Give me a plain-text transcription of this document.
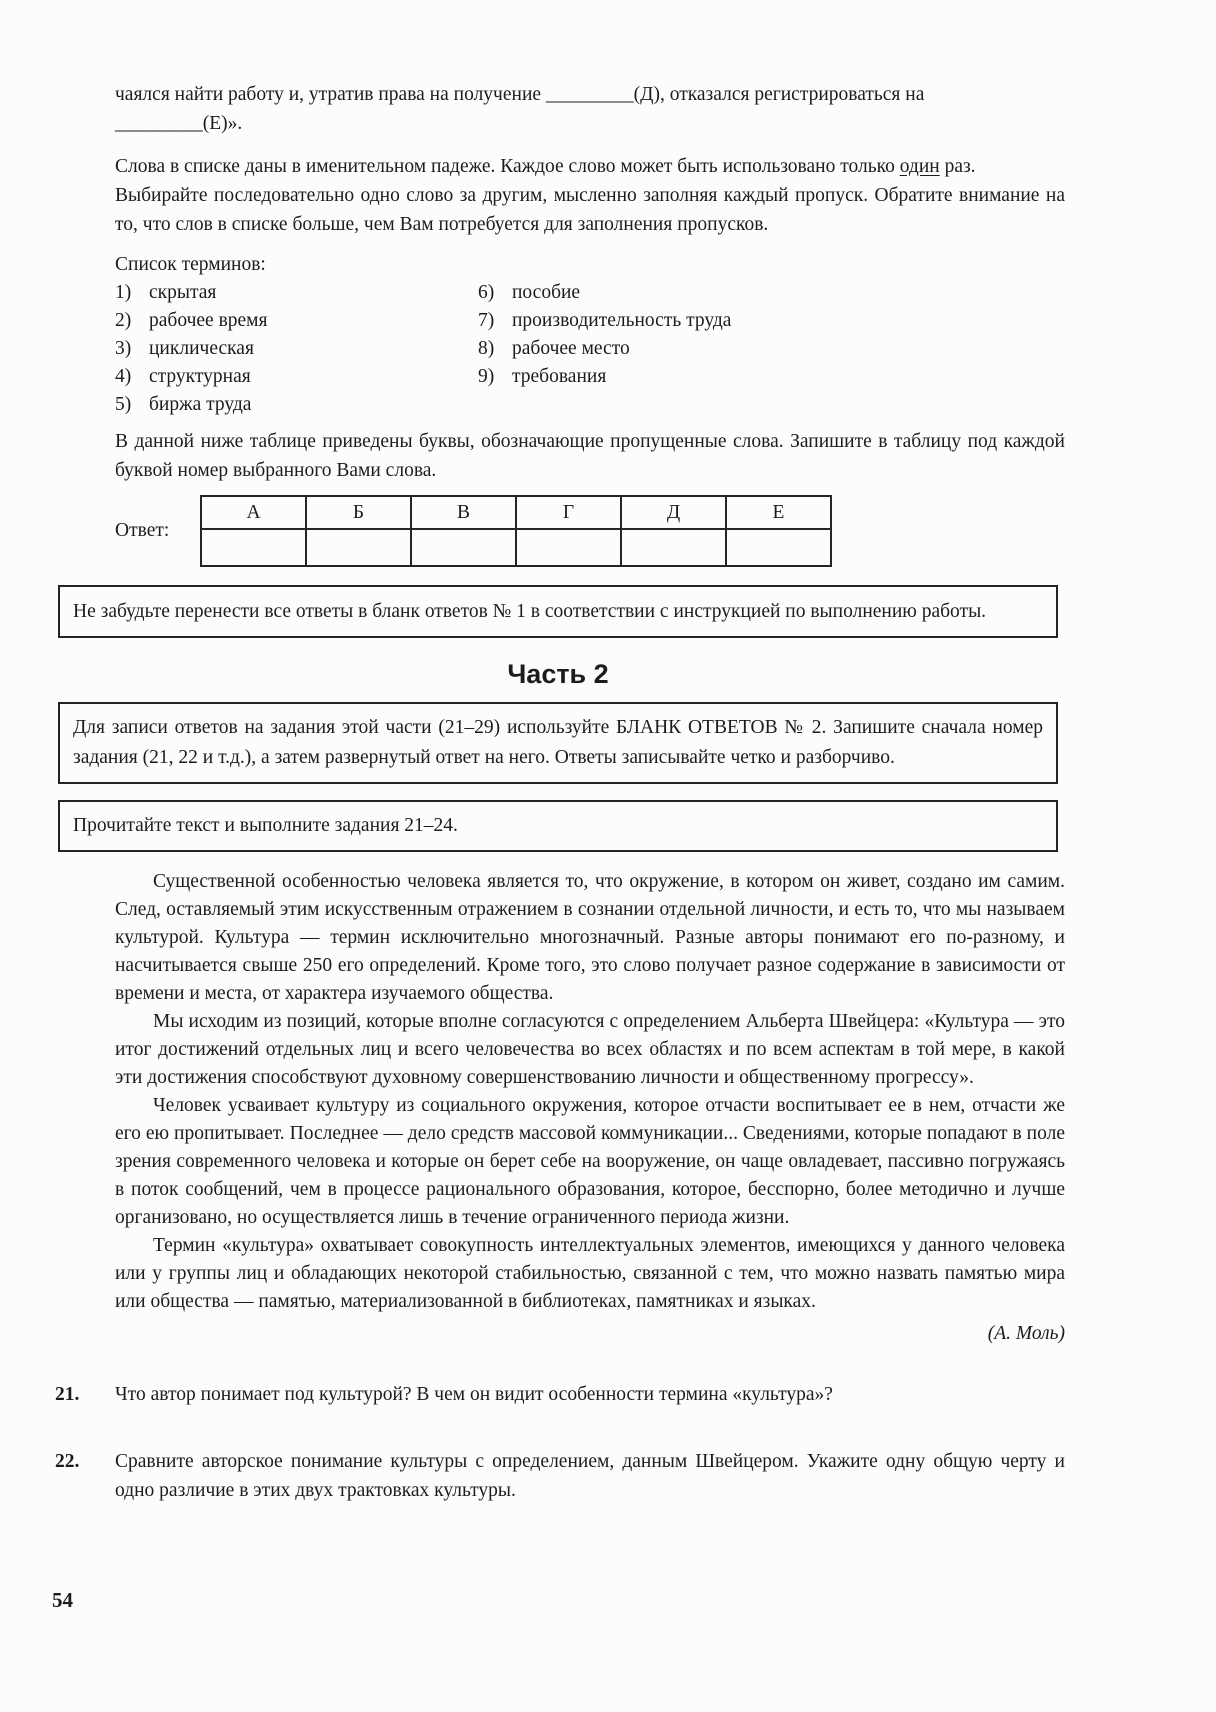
чаялся найти работу и, утратив права на получение _________(Д), отказался регистрироваться на
_________(Е)».
Слова в списке даны в именительном падеже. Каждое слово может быть использовано только один раз.
Выбирайте последовательно одно слово за другим, мысленно заполняя каждый пропуск. Обратите внимание на то, что слов в списке больше, чем Вам потребуется для заполнения пропусков.
Список терминов:
1) скрытая
2) рабочее время
3) циклическая
4) структурная
5) биржа труда
6) пособие
7) производительность труда
8) рабочее место
9) требования
В данной ниже таблице приведены буквы, обозначающие пропущенные слова. Запишите в таблицу под каждой буквой номер выбранного Вами слова.
Ответ:
А	Б	В	Г	Д	Е

Не забудьте перенести все ответы в бланк ответов № 1 в соответствии с инструкцией по выполнению работы.
Часть 2
Для записи ответов на задания этой части (21–29) используйте БЛАНК ОТВЕТОВ № 2. Запишите сначала номер задания (21, 22 и т.д.), а затем развернутый ответ на него. Ответы записывайте четко и разборчиво.
Прочитайте текст и выполните задания 21–24.
Существенной особенностью человека является то, что окружение, в котором он живет, создано им самим. След, оставляемый этим искусственным отражением в сознании отдельной личности, и есть то, что мы называем культурой. Культура — термин исключительно многозначный. Разные авторы понимают его по-разному, и насчитывается свыше 250 его определений. Кроме того, это слово получает разное содержание в зависимости от времени и места, от характера изучаемого общества.
Мы исходим из позиций, которые вполне согласуются с определением Альберта Швейцера: «Культура — это итог достижений отдельных лиц и всего человечества во всех областях и по всем аспектам в той мере, в какой эти достижения способствуют духовному совершенствованию личности и общественному прогрессу».
Человек усваивает культуру из социального окружения, которое отчасти воспитывает ее в нем, отчасти же его ею пропитывает. Последнее — дело средств массовой коммуникации... Сведениями, которые попадают в поле зрения современного человека и которые он берет себе на вооружение, он чаще овладевает, пассивно погружаясь в поток сообщений, чем в процессе рационального образования, которое, бесспорно, более методично и лучше организовано, но осуществляется лишь в течение ограниченного периода жизни.
Термин «культура» охватывает совокупность интеллектуальных элементов, имеющихся у данного человека или у группы лиц и обладающих некоторой стабильностью, связанной с тем, что можно назвать памятью мира или общества — памятью, материализованной в библиотеках, памятниках и языках.
(А. Моль)
21.	Что автор понимает под культурой? В чем он видит особенности термина «культура»?
22.	Сравните авторское понимание культуры с определением, данным Швейцером. Укажите одну общую черту и одно различие в этих двух трактовках культуры.
54
